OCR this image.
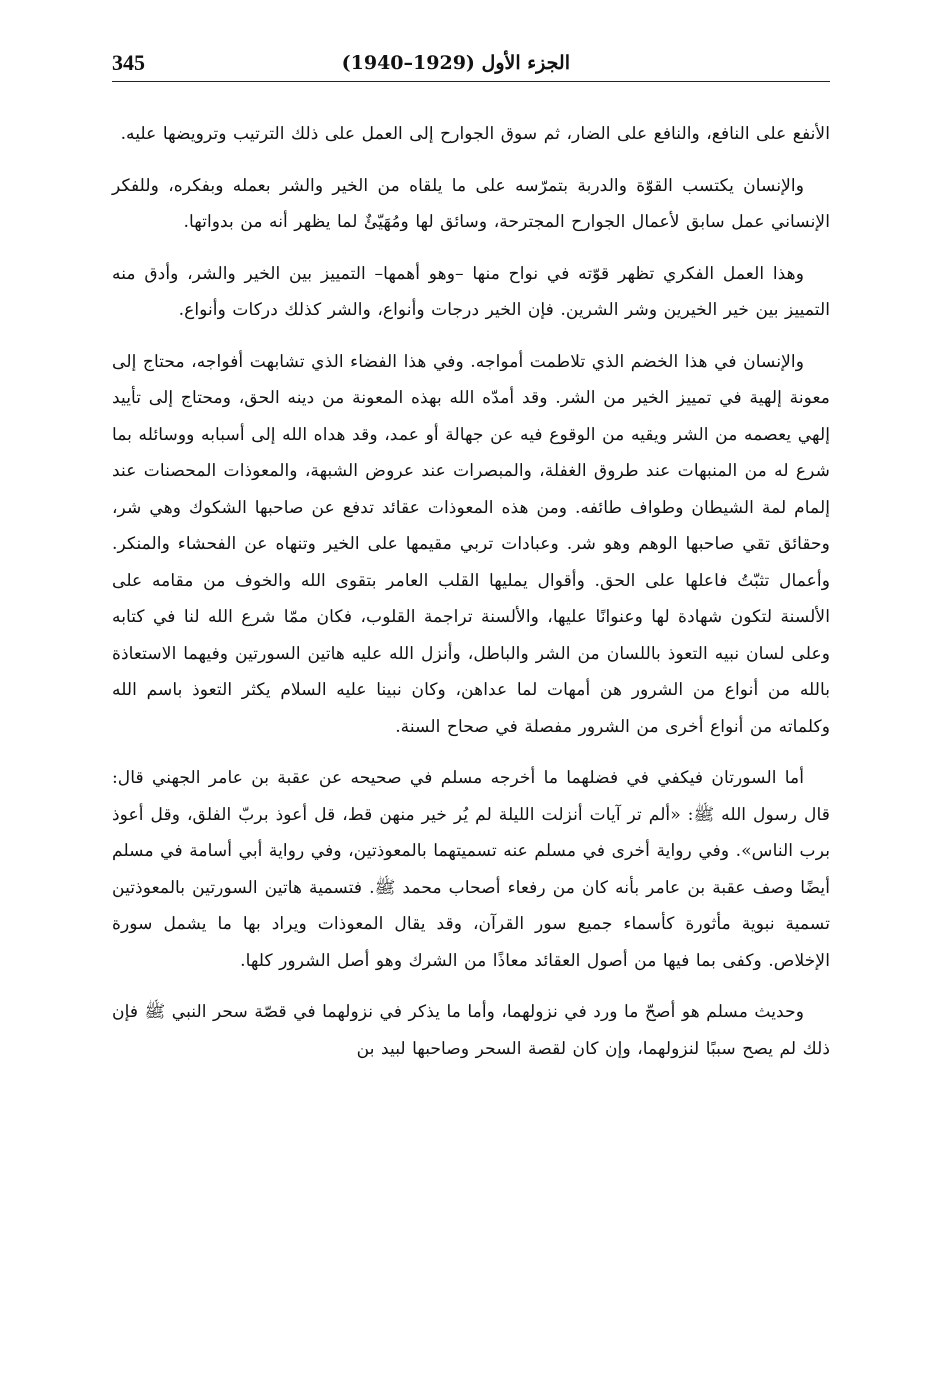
345	الجزء الأول (1929–1940)

الأنفع على النافع، والنافع على الضار، ثم سوق الجوارح إلى العمل على ذلك الترتيب وترويضها عليه.

والإنسان يكتسب القوّة والدربة بتمرّسه على ما يلقاه من الخير والشر بعمله وبفكره، وللفكر الإنساني عمل سابق لأعمال الجوارح المجترحة، وسائق لها ومُهَيّئٌ لما يظهر أنه من بدواتها.

وهذا العمل الفكري تظهر قوّته في نواح منها –وهو أهمها– التمييز بين الخير والشر، وأدق منه التمييز بين خير الخيرين وشر الشرين. فإن الخير درجات وأنواع، والشر كذلك دركات وأنواع.

والإنسان في هذا الخضم الذي تلاطمت أمواجه. وفي هذا الفضاء الذي تشابهت أفواجه، محتاج إلى معونة إلهية في تمييز الخير من الشر. وقد أمدّه الله بهذه المعونة من دينه الحق، ومحتاج إلى تأييد إلهي يعصمه من الشر ويقيه من الوقوع فيه عن جهالة أو عمد، وقد هداه الله إلى أسبابه ووسائله بما شرع له من المنبهات عند طروق الغفلة، والمبصرات عند عروض الشبهة، والمعوذات المحصنات عند إلمام لمة الشيطان وطواف طائفه. ومن هذه المعوذات عقائد تدفع عن صاحبها الشكوك وهي شر، وحقائق تقي صاحبها الوهم وهو شر. وعبادات تربي مقيمها على الخير وتنهاه عن الفحشاء والمنكر. وأعمال تثبّتُ فاعلها على الحق. وأقوال يمليها القلب العامر بتقوى الله والخوف من مقامه على الألسنة لتكون شهادة لها وعنوانًا عليها، والألسنة تراجمة القلوب، فكان ممّا شرع الله لنا في كتابه وعلى لسان نبيه التعوذ باللسان من الشر والباطل، وأنزل الله عليه هاتين السورتين وفيهما الاستعاذة بالله من أنواع من الشرور هن أمهات لما عداهن، وكان نبينا عليه السلام يكثر التعوذ باسم الله وكلماته من أنواع أخرى من الشرور مفصلة في صحاح السنة.

أما السورتان فيكفي في فضلهما ما أخرجه مسلم في صحيحه عن عقبة بن عامر الجهني قال: قال رسول الله ﷺ: «ألم تر آيات أنزلت الليلة لم يُر خير منهن قط، قل أعوذ بربّ الفلق، وقل أعوذ برب الناس». وفي رواية أخرى في مسلم عنه تسميتهما بالمعوذتين، وفي رواية أبي أسامة في مسلم أيضًا وصف عقبة بن عامر بأنه كان من رفعاء أصحاب محمد ﷺ. فتسمية هاتين السورتين بالمعوذتين تسمية نبوية مأثورة كأسماء جميع سور القرآن، وقد يقال المعوذات ويراد بها ما يشمل سورة الإخلاص. وكفى بما فيها من أصول العقائد معاذًا من الشرك وهو أصل الشرور كلها.

وحديث مسلم هو أصحّ ما ورد في نزولهما، وأما ما يذكر في نزولهما في قصّة سحر النبي ﷺ فإن ذلك لم يصح سببًا لنزولهما، وإن كان لقصة السحر وصاحبها لبيد بن
